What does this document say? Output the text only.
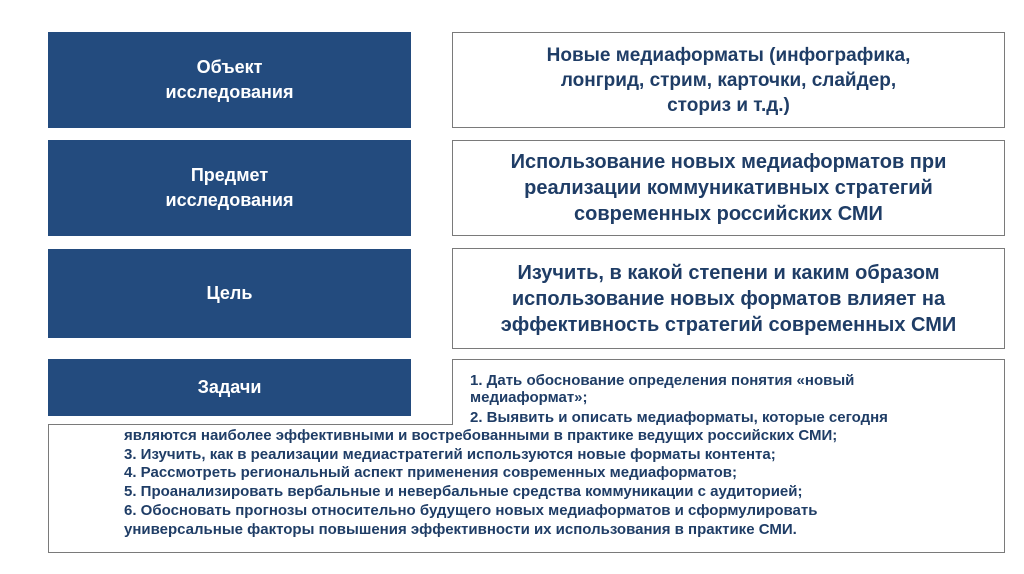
Объект
исследования
Новые медиаформаты (инфографика,
лонгрид, стрим, карточки, слайдер,
сториз и т.д.)
Предмет
исследования
Использование новых медиаформатов при
реализации коммуникативных стратегий
современных российских СМИ
Цель
Изучить, в какой степени и каким образом
использование новых форматов влияет на
эффективность стратегий современных СМИ
Задачи	1. Дать обоснование определения понятия «новый
медиаформат»;
2. Выявить и описать медиаформаты, которые сегодня
являются наиболее эффективными и востребованными в практике ведущих российских СМИ;
3. Изучить, как в реализации медиастратегий используются новые форматы контента;
4. Рассмотреть региональный аспект применения современных медиаформатов;
5. Проанализировать вербальные и невербальные средства коммуникации с аудиторией;
6. Обосновать прогнозы относительно будущего новых медиаформатов и сформулировать
универсальные факторы повышения эффективности их использования в практике СМИ.
